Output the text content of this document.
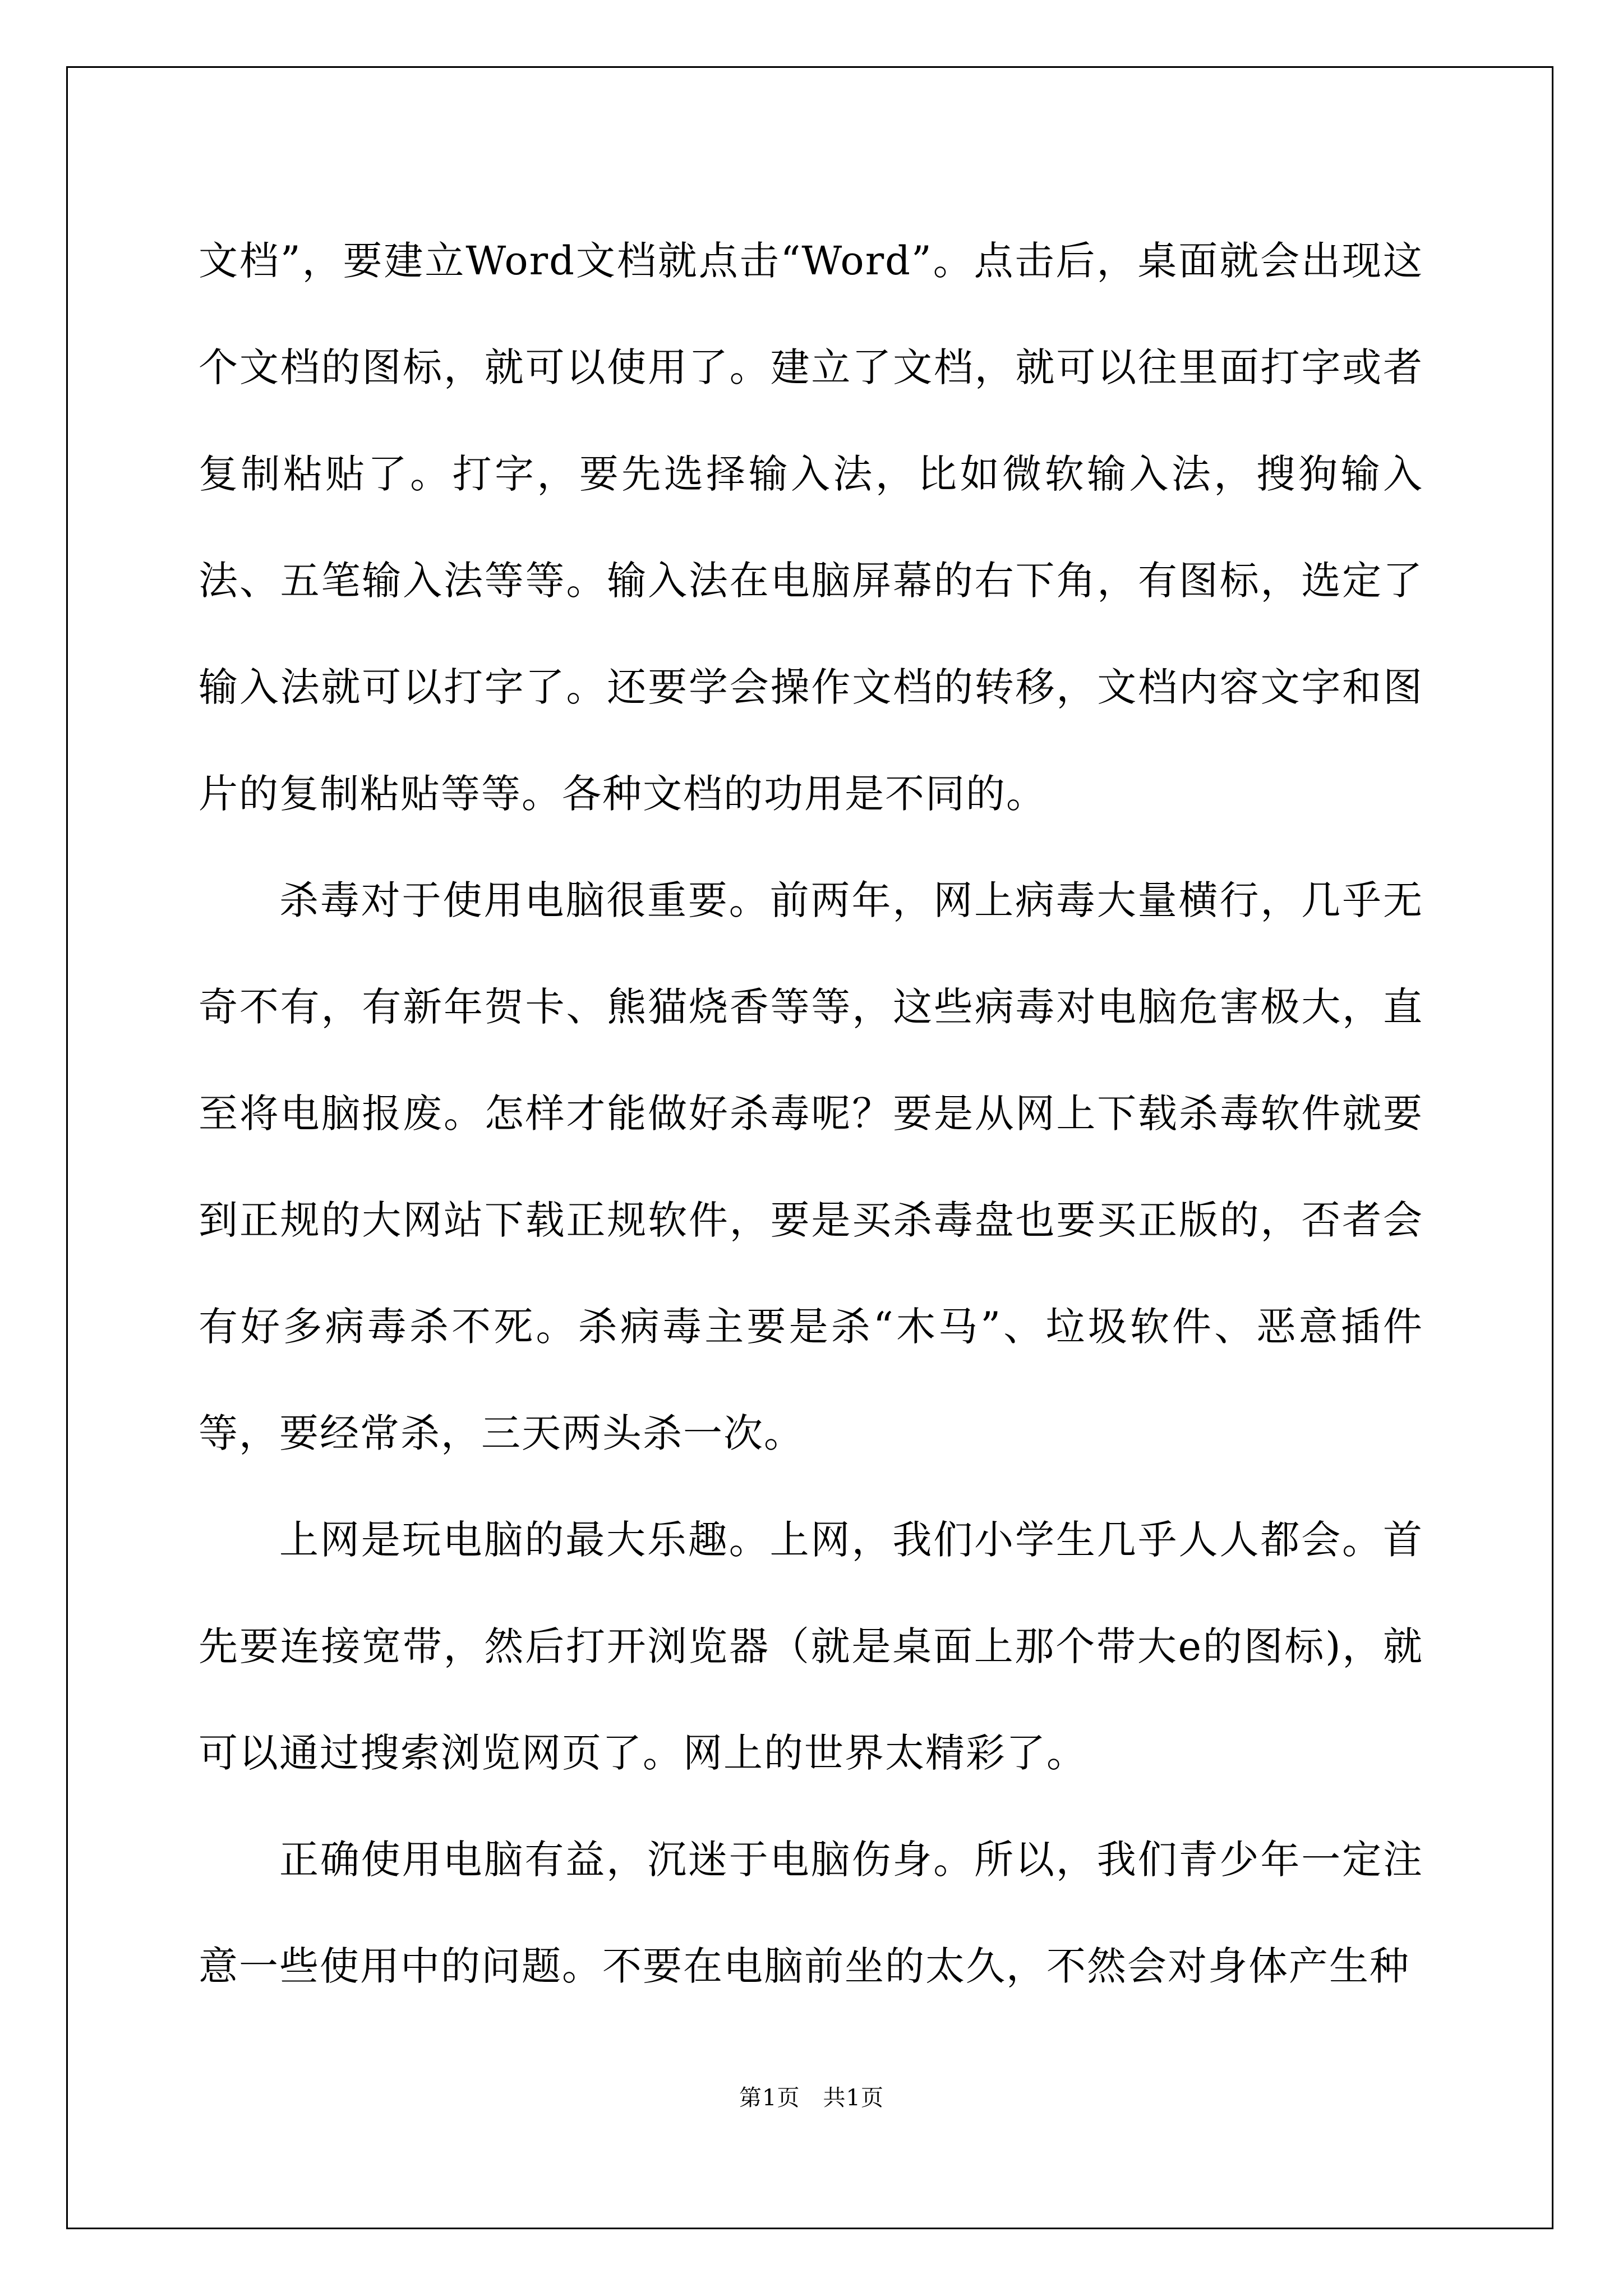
文档”，要建立Word文档就点击“Word”。点击后，桌面就会出现这个文档的图标，就可以使用了。建立了文档，就可以往里面打字或者复制粘贴了。打字，要先选择输入法，比如微软输入法，搜狗输入法、五笔输入法等等。输入法在电脑屏幕的右下角，有图标，选定了输入法就可以打字了。还要学会操作文档的转移，文档内容文字和图片的复制粘贴等等。各种文档的功用是不同的。

杀毒对于使用电脑很重要。前两年，网上病毒大量横行，几乎无奇不有，有新年贺卡、熊猫烧香等等，这些病毒对电脑危害极大，直至将电脑报废。怎样才能做好杀毒呢？要是从网上下载杀毒软件就要到正规的大网站下载正规软件，要是买杀毒盘也要买正版的，否者会有好多病毒杀不死。杀病毒主要是杀“木马”、垃圾软件、恶意插件等，要经常杀，三天两头杀一次。

上网是玩电脑的最大乐趣。上网，我们小学生几乎人人都会。首先要连接宽带，然后打开浏览器（就是桌面上那个带大e的图标)，就可以通过搜索浏览网页了。网上的世界太精彩了。

正确使用电脑有益，沉迷于电脑伤身。所以，我们青少年一定注意一些使用中的问题。不要在电脑前坐的太久，不然会对身体产生种

第1页　共1页
